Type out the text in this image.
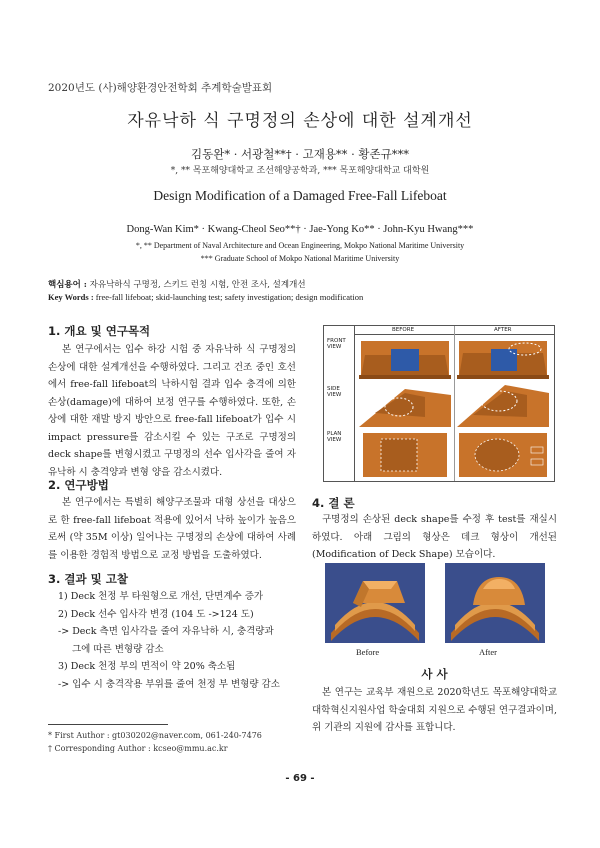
2020년도 (사)해양환경안전학회 추계학술발표회
자유낙하 식 구명정의 손상에 대한 설계개선
김동완* · 서광철**† · 고재용** · 황존규***
*, ** 목포해양대학교 조선해양공학과, *** 목포해양대학교 대학원
Design Modification of a Damaged Free-Fall Lifeboat
Dong-Wan Kim* · Kwang-Cheol Seo**† · Jae-Yong Ko** · John-Kyu Hwang***
*, ** Department of Naval Architecture and Ocean Engineering, Mokpo National Maritime University
*** Graduate School of Mokpo National Maritime University
핵심용어 : 자유낙하식 구명정, 스키드 런칭 시험, 안전 조사, 설계개선
Key Words : free-fall lifeboat; skid-launching test; safety investigation; design modification
1. 개요 및 연구목적
본 연구에서는 입수 하강 시험 중 자유낙하 식 구명정의 손상에 대한 설계개선을 수행하였다. 그리고 건조 중인 호선에서 free-fall lifeboat의 낙하시험 결과 입수 충격에 의한 손상(damage)에 대하여 보정 연구를 수행하였다. 또한, 손상에 대한 재발 방지 방안으로 free-fall lifeboat가 입수 시 impact pressure를 감소시킬 수 있는 구조로 구명정의 deck shape를 변형시켰고 구명정의 선수 입사각을 줄여 자유낙하 시 충격양과 변형 양을 감소시켰다.
2. 연구방법
본 연구에서는 특별히 해양구조물과 대형 상선을 대상으로 한 free-fall lifeboat 적용에 있어서 낙하 높이가 높음으로써 (약 35M 이상) 일어나는 구명정의 손상에 대하여 사례를 이용한 경험적 방법으로 교정 방법을 도출하였다.
3. 결과 및 고찰
1) Deck 천정 부 타원형으로 개선, 단면계수 증가
2) Deck 선수 입사각 변경 (104 도 ->124 도)
-> Deck 측면 입사각을 줄여 자유낙하 시, 충격량과
그에 따른 변형량 감소
3) Deck 천정 부의 면적이 약 20% 축소됨
-> 입수 시 충격작용 부위를 줄여 천정 부 변형량 감소
* First Author : gt030202@naver.com, 061-240-7476
† Corresponding Author : kcseo@mmu.ac.kr
BEFORE	AFTER
FRONT VIEW
SIDE VIEW
PLAN VIEW
4. 결 론
구명정의 손상된 deck shape를 수정 후 test를 재실시하였다. 아래 그림의 형상은 데크 형상이 개선된 (Modification of Deck Shape) 모습이다.
Before	After
사 사
본 연구는 교육부 재원으로 2020학년도 목포해양대학교 대학혁신지원사업 학술대회 지원으로 수행된 연구결과이며, 위 기관의 지원에 감사를 표합니다.
- 69 -
